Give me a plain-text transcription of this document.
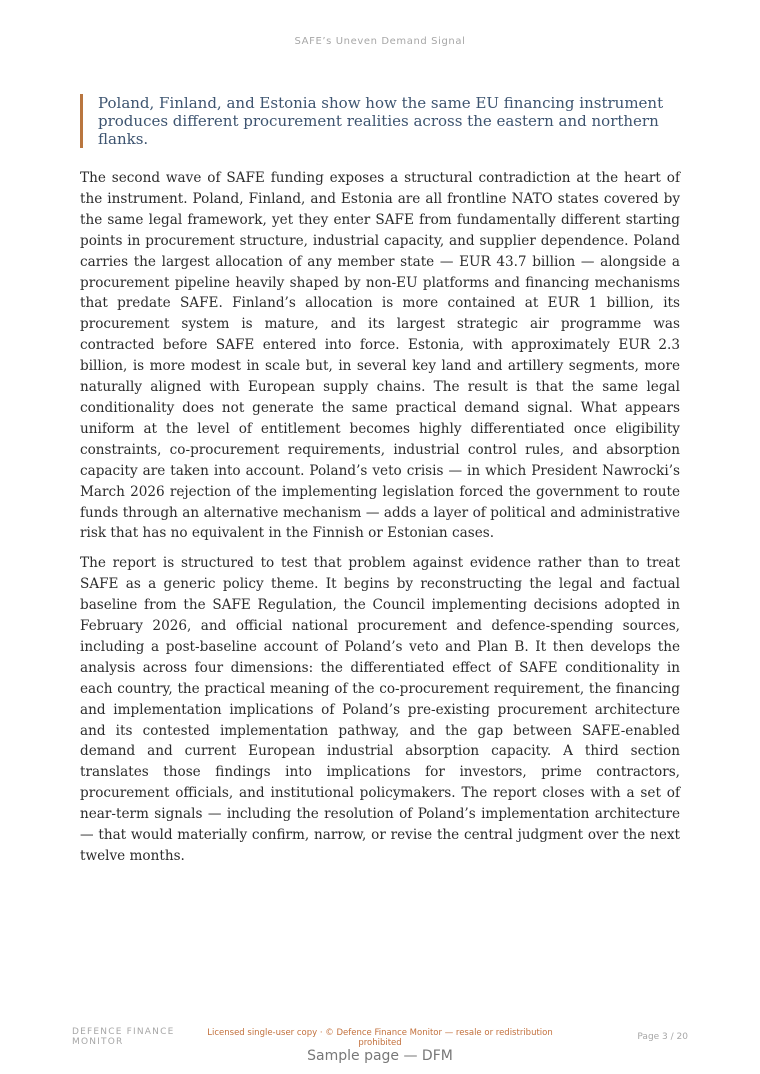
SAFE’s Uneven Demand Signal
Poland, Finland, and Estonia show how the same EU financing instrument produces different procurement realities across the eastern and northern flanks.

The second wave of SAFE funding exposes a structural contradiction at the heart of the instrument. Poland, Finland, and Estonia are all frontline NATO states covered by the same legal framework, yet they enter SAFE from fundamentally different starting points in procurement structure, industrial capacity, and supplier dependence. Poland carries the largest allocation of any member state — EUR 43.7 billion — alongside a procurement pipeline heavily shaped by non-EU platforms and financing mechanisms that predate SAFE. Finland’s allocation is more contained at EUR 1 billion, its procurement system is mature, and its largest strategic air programme was contracted before SAFE entered into force. Estonia, with approximately EUR 2.3 billion, is more modest in scale but, in several key land and artillery segments, more naturally aligned with European supply chains. The result is that the same legal conditionality does not generate the same practical demand signal. What appears uniform at the level of entitlement becomes highly differentiated once eligibility constraints, co-procurement requirements, industrial control rules, and absorption capacity are taken into account. Poland’s veto crisis — in which President Nawrocki’s March 2026 rejection of the implementing legislation forced the government to route funds through an alternative mechanism — adds a layer of political and administrative risk that has no equivalent in the Finnish or Estonian cases.

The report is structured to test that problem against evidence rather than to treat SAFE as a generic policy theme. It begins by reconstructing the legal and factual baseline from the SAFE Regulation, the Council implementing decisions adopted in February 2026, and official national procurement and defence-spending sources, including a post-baseline account of Poland’s veto and Plan B. It then develops the analysis across four dimensions: the differentiated effect of SAFE conditionality in each country, the practical meaning of the co-procurement requirement, the financing and implementation implications of Poland’s pre-existing procurement architecture and its contested implementation pathway, and the gap between SAFE-enabled demand and current European industrial absorption capacity. A third section translates those findings into implications for investors, prime contractors, procurement officials, and institutional policymakers. The report closes with a set of near-term signals — including the resolution of Poland’s implementation architecture — that would materially confirm, narrow, or revise the central judgment over the next twelve months.

DEFENCE FINANCE
MONITOR
Licensed single-user copy · © Defence Finance Monitor — resale or redistribution prohibited
Page 3 / 20
Sample page — DFM
